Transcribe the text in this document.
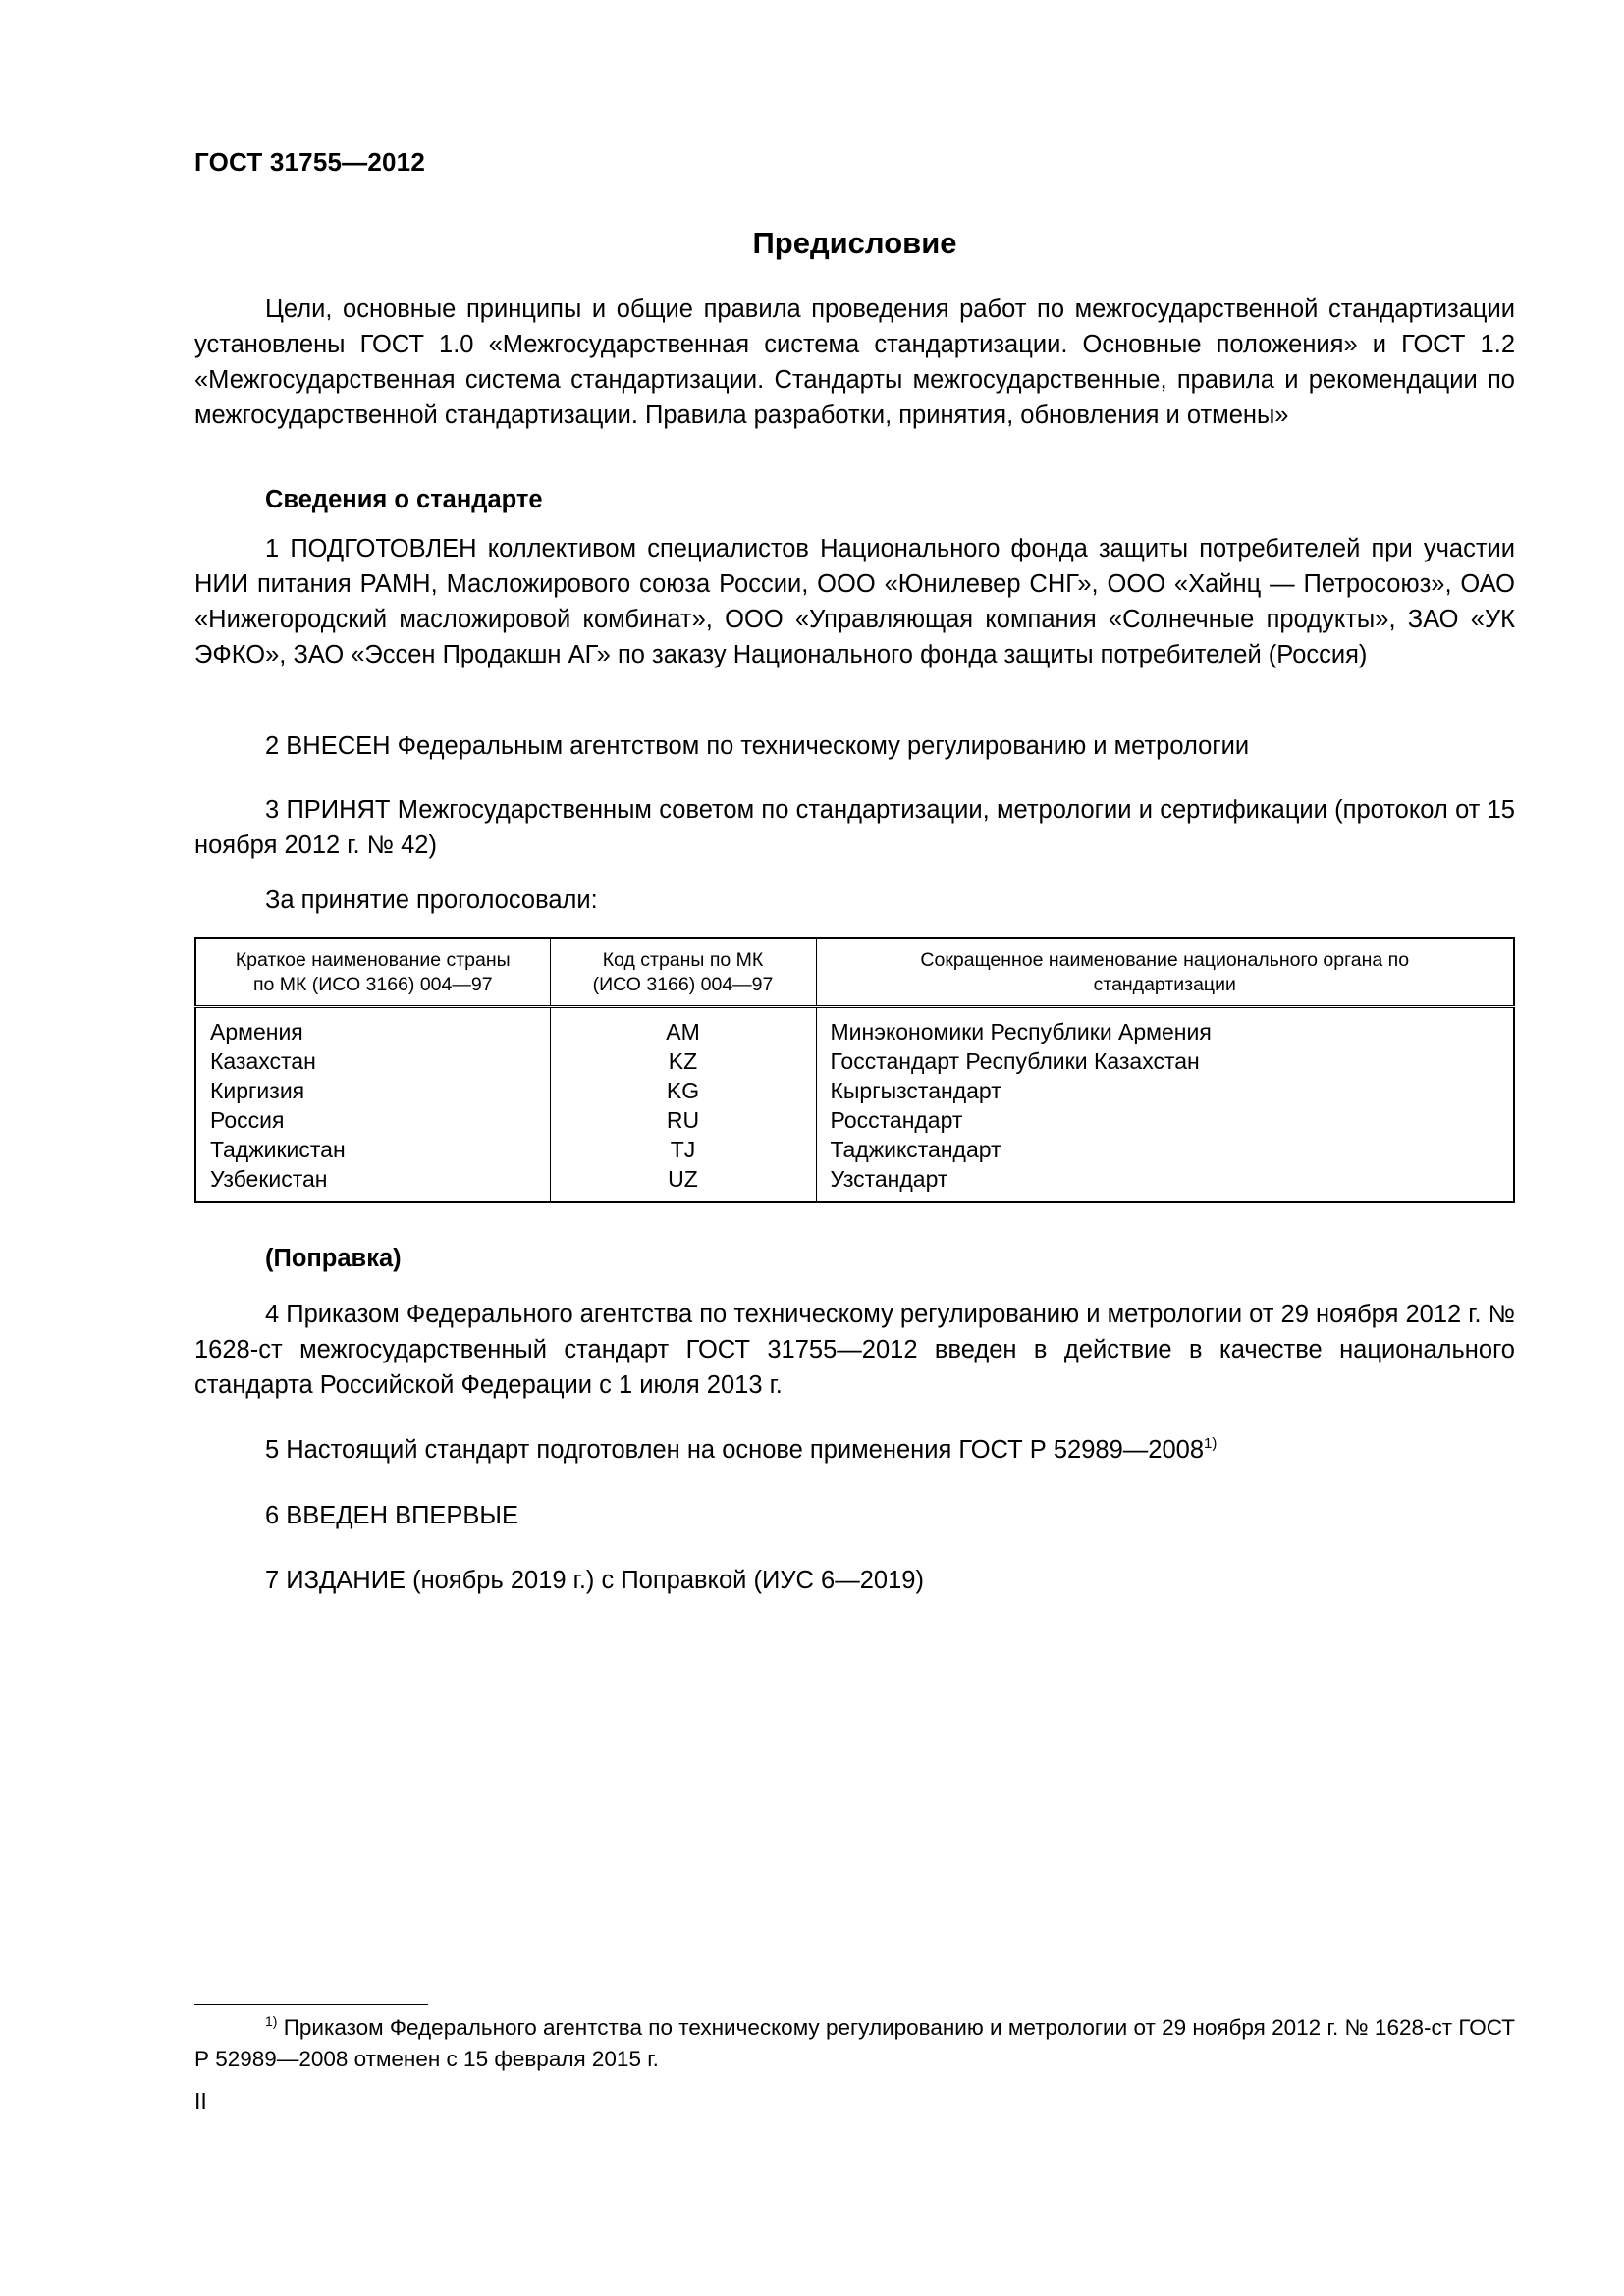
ГОСТ 31755—2012
Предисловие

Цели, основные принципы и общие правила проведения работ по межгосударственной стандартизации установлены ГОСТ 1.0 «Межгосударственная система стандартизации. Основные положения» и ГОСТ 1.2 «Межгосударственная система стандартизации. Стандарты межгосударственные, правила и рекомендации по межгосударственной стандартизации. Правила разработки, принятия, обновления и отмены»

Сведения о стандарте

1 ПОДГОТОВЛЕН коллективом специалистов Национального фонда защиты потребителей при участии НИИ питания РАМН, Масложирового союза России, ООО «Юнилевер СНГ», ООО «Хайнц — Петросоюз», ОАО «Нижегородский масложировой комбинат», ООО «Управляющая компания «Солнечные продукты», ЗАО «УК ЭФКО», ЗАО «Эссен Продакшн АГ» по заказу Национального фонда защиты потребителей (Россия)

2 ВНЕСЕН Федеральным агентством по техническому регулированию и метрологии

3 ПРИНЯТ Межгосударственным советом по стандартизации, метрологии и сертификации (протокол от 15 ноября 2012 г. № 42)

За принятие проголосовали:

Краткое наименование страны по МК (ИСО 3166) 004—97	Код страны по МК (ИСО 3166) 004—97	Сокращенное наименование национального органа по стандартизации

Армения	AM	Минэкономики Республики Армения
Казахстан	KZ	Госстандарт Республики Казахстан
Киргизия	KG	Кыргызстандарт
Россия	RU	Росстандарт
Таджикистан	TJ	Таджикстандарт
Узбекистан	UZ	Узстандарт

(Поправка)

4 Приказом Федерального агентства по техническому регулированию и метрологии от 29 ноября 2012 г. № 1628-ст межгосударственный стандарт ГОСТ 31755—2012 введен в действие в качестве национального стандарта Российской Федерации с 1 июля 2013 г.

5 Настоящий стандарт подготовлен на основе применения ГОСТ Р 52989—2008$^{1)}$

6 ВВЕДЕН ВПЕРВЫЕ

7 ИЗДАНИЕ (ноябрь 2019 г.) с Поправкой (ИУС 6—2019)

$^{1)}$ Приказом Федерального агентства по техническому регулированию и метрологии от 29 ноября 2012 г. № 1628-ст ГОСТ Р 52989—2008 отменен с 15 февраля 2015 г.

II
